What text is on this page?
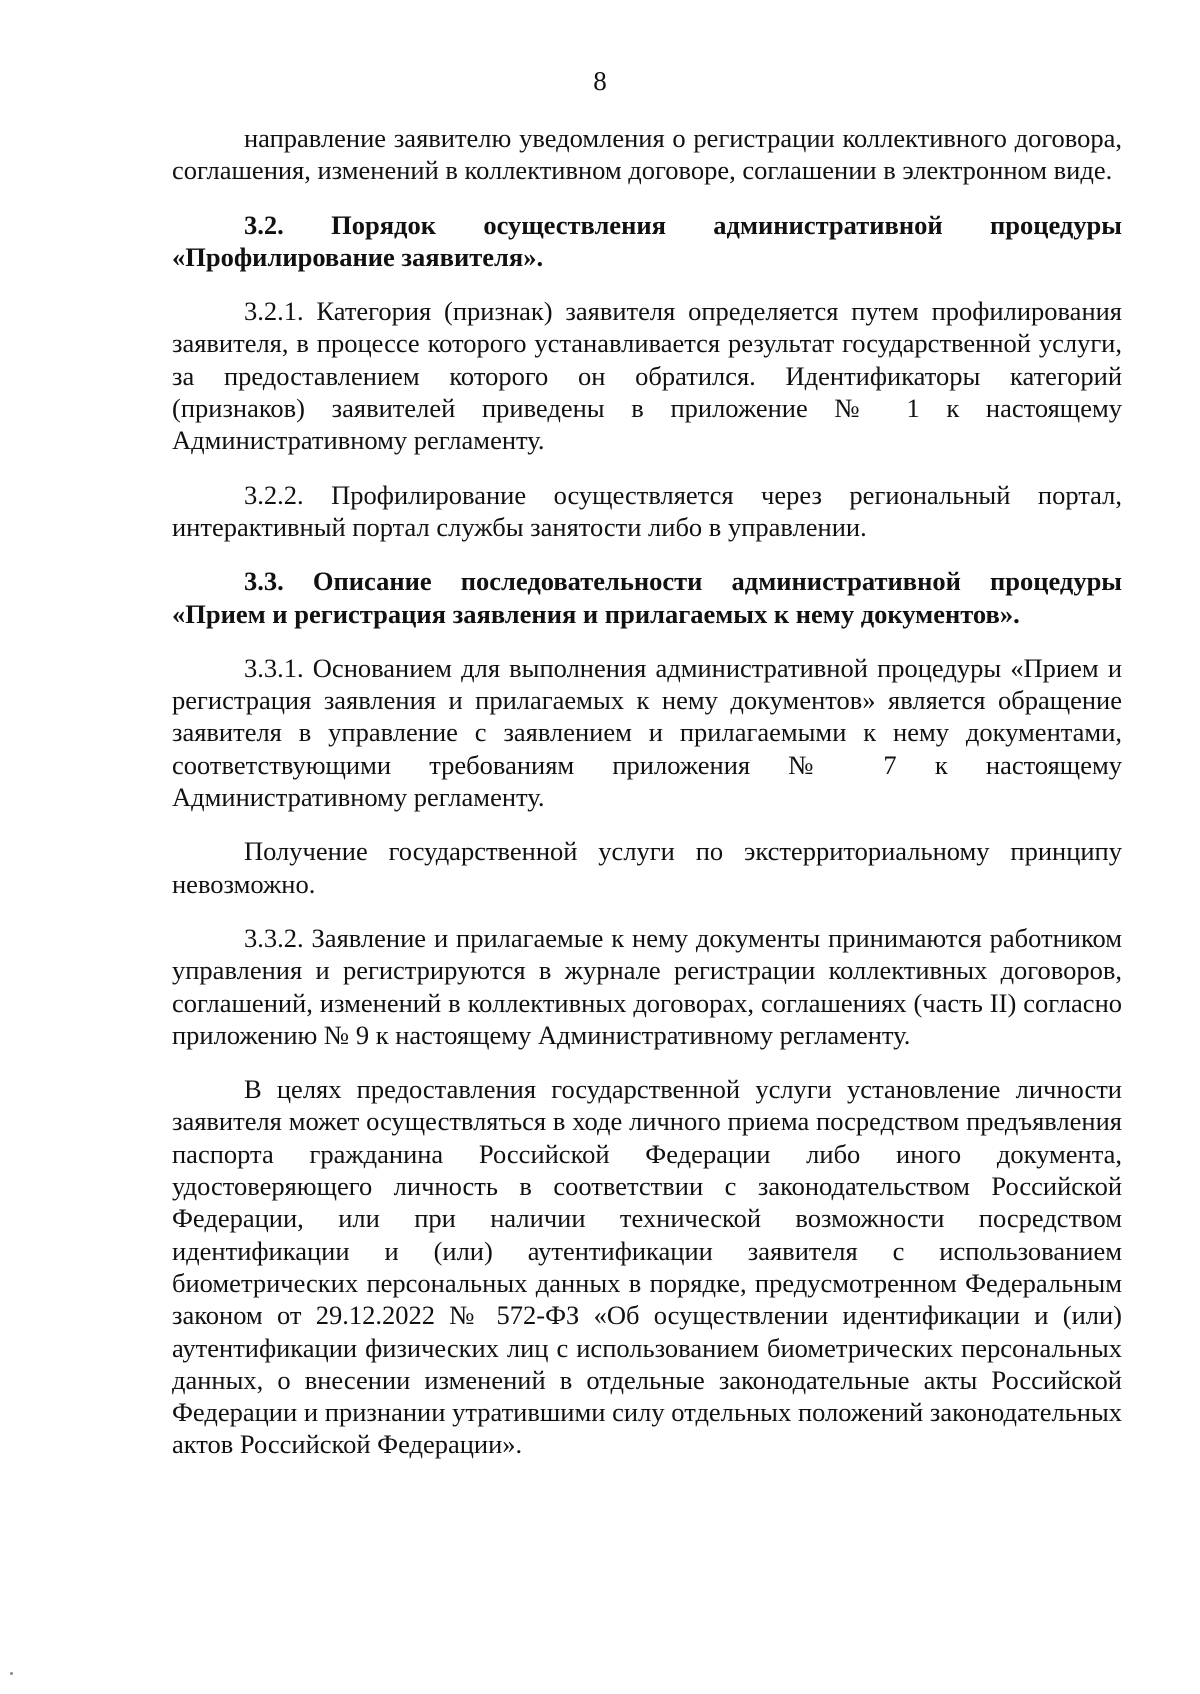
8

направление заявителю уведомления о регистрации коллективного договора, соглашения, изменений в коллективном договоре, соглашении в электронном виде.

3.2. Порядок осуществления административной процедуры «Профилирование заявителя».

3.2.1. Категория (признак) заявителя определяется путем профилирования заявителя, в процессе которого устанавливается результат государственной услуги, за предоставлением которого он обратился. Идентификаторы категорий (признаков) заявителей приведены в приложение № 1 к настоящему Административному регламенту.

3.2.2. Профилирование осуществляется через региональный портал, интерактивный портал службы занятости либо в управлении.

3.3. Описание последовательности административной процедуры «Прием и регистрация заявления и прилагаемых к нему документов».

3.3.1. Основанием для выполнения административной процедуры «Прием и регистрация заявления и прилагаемых к нему документов» является обращение заявителя в управление с заявлением и прилагаемыми к нему документами, соответствующими требованиям приложения № 7 к настоящему Административному регламенту.

Получение государственной услуги по экстерриториальному принципу невозможно.

3.3.2. Заявление и прилагаемые к нему документы принимаются работником управления и регистрируются в журнале регистрации коллективных договоров, соглашений, изменений в коллективных договорах, соглашениях (часть II) согласно приложению № 9 к настоящему Административному регламенту.

В целях предоставления государственной услуги установление личности заявителя может осуществляться в ходе личного приема посредством предъявления паспорта гражданина Российской Федерации либо иного документа, удостоверяющего личность в соответствии с законодательством Российской Федерации, или при наличии технической возможности посредством идентификации и (или) аутентификации заявителя с использованием биометрических персональных данных в порядке, предусмотренном Федеральным законом от 29.12.2022 № 572-ФЗ «Об осуществлении идентификации и (или) аутентификации физических лиц с использованием биометрических персональных данных, о внесении изменений в отдельные законодательные акты Российской Федерации и признании утратившими силу отдельных положений законодательных актов Российской Федерации».
